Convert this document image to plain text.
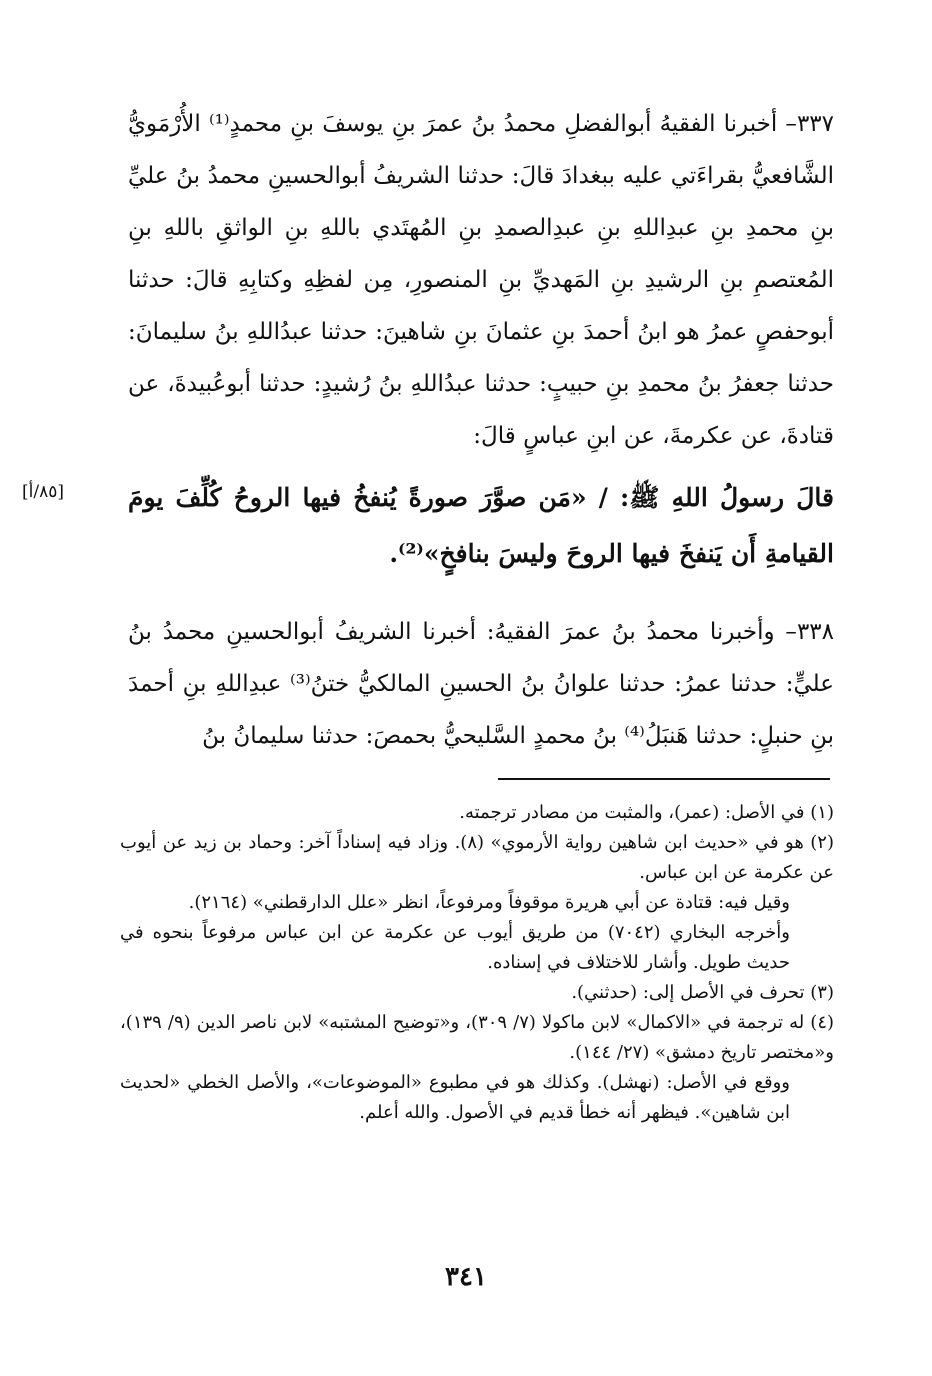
٣٣٧– أخبرنا الفقيهُ أبوالفضلِ محمدُ بنُ عمرَ بنِ يوسفَ بنِ محمدٍ⁽¹⁾ الأُرْمَويُّ الشَّافعيُّ بقراءَتي عليه ببغدادَ قالَ: حدثنا الشريفُ أبوالحسينِ محمدُ بنُ عليِّ بنِ محمدِ بنِ عبدِاللهِ بنِ عبدِالصمدِ بنِ المُهتَدي باللهِ بنِ الواثقِ باللهِ بنِ المُعتصمِ بنِ الرشيدِ بنِ المَهديِّ بنِ المنصورِ، مِن لفظِهِ وكتابِهِ قالَ: حدثنا أبوحفصٍ عمرُ هو ابنُ أحمدَ بنِ عثمانَ بنِ شاهينَ: حدثنا عبدُاللهِ بنُ سليمانَ: حدثنا جعفرُ بنُ محمدِ بنِ حبيبٍ: حدثنا عبدُاللهِ بنُ رُشيدٍ: حدثنا أبوعُبيدةَ، عن قتادةَ، عن عكرمةَ، عن ابنِ عباسٍ قالَ:

[٨٥/أ]	قالَ رسولُ اللهِ ﷺ: / «مَن صوَّرَ صورةً يُنفخُ فيها الروحُ كُلِّفَ يومَ القيامةِ أَن يَنفخَ فيها الروحَ وليسَ بنافخٍ»⁽²⁾.

٣٣٨– وأخبرنا محمدُ بنُ عمرَ الفقيهُ: أخبرنا الشريفُ أبوالحسينِ محمدُ بنُ عليٍّ: حدثنا عمرُ: حدثنا علوانُ بنُ الحسينِ المالكيُّ ختنُ⁽³⁾ عبدِاللهِ بنِ أحمدَ بنِ حنبلٍ: حدثنا هَنبَلُ⁽⁴⁾ بنُ محمدٍ السَّليحيُّ بحمصَ: حدثنا سليمانُ بنُ

(١) في الأصل: (عمر)، والمثبت من مصادر ترجمته.

(٢) هو في «حديث ابن شاهين رواية الأرموي» (٨). وزاد فيه إسناداً آخر: وحماد بن زيد عن أيوب عن عكرمة عن ابن عباس.

وقيل فيه: قتادة عن أبي هريرة موقوفاً ومرفوعاً، انظر «علل الدارقطني» (٢١٦٤).

وأخرجه البخاري (٧٠٤٢) من طريق أيوب عن عكرمة عن ابن عباس مرفوعاً بنحوه في حديث طويل. وأشار للاختلاف في إسناده.

(٣) تحرف في الأصل إلى: (حدثني).

(٤) له ترجمة في «الاكمال» لابن ماكولا (٧/ ٣٠٩)، و«توضيح المشتبه» لابن ناصر الدين (٩/ ١٣٩)، و«مختصر تاريخ دمشق» (٢٧/ ١٤٤).

ووقع في الأصل: (نهشل). وكذلك هو في مطبوع «الموضوعات»، والأصل الخطي «لحديث ابن شاهين». فيظهر أنه خطأ قديم في الأصول. والله أعلم.

٣٤١
